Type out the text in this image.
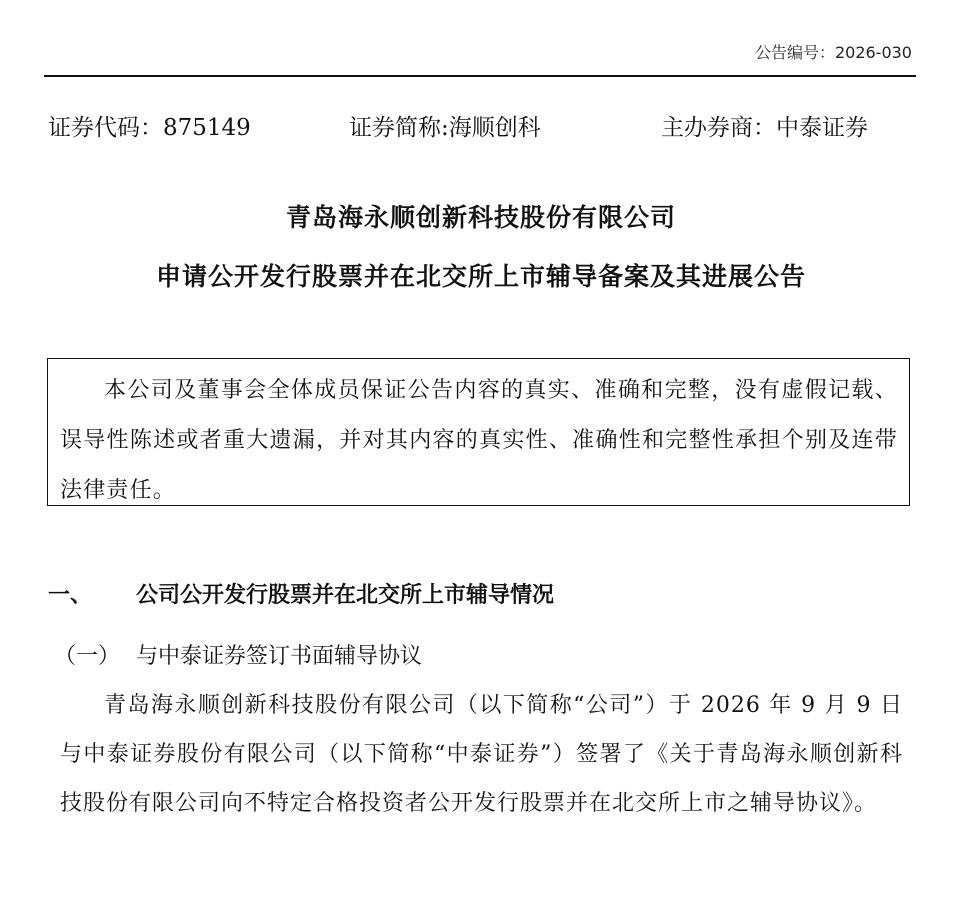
公告编号：2026-030
证券代码：875149	证券简称:海顺创科	主办券商：中泰证券
青岛海永顺创新科技股份有限公司
申请公开发行股票并在北交所上市辅导备案及其进展公告
本公司及董事会全体成员保证公告内容的真实、准确和完整，没有虚假记载、误导性陈述或者重大遗漏，并对其内容的真实性、准确性和完整性承担个别及连带法律责任。
一、 公司公开发行股票并在北交所上市辅导情况
（一） 与中泰证券签订书面辅导协议
青岛海永顺创新科技股份有限公司（以下简称“公司”）于 2026 年 9 月 9 日与中泰证券股份有限公司（以下简称“中泰证券”）签署了《关于青岛海永顺创新科技股份有限公司向不特定合格投资者公开发行股票并在北交所上市之辅导协议》。
